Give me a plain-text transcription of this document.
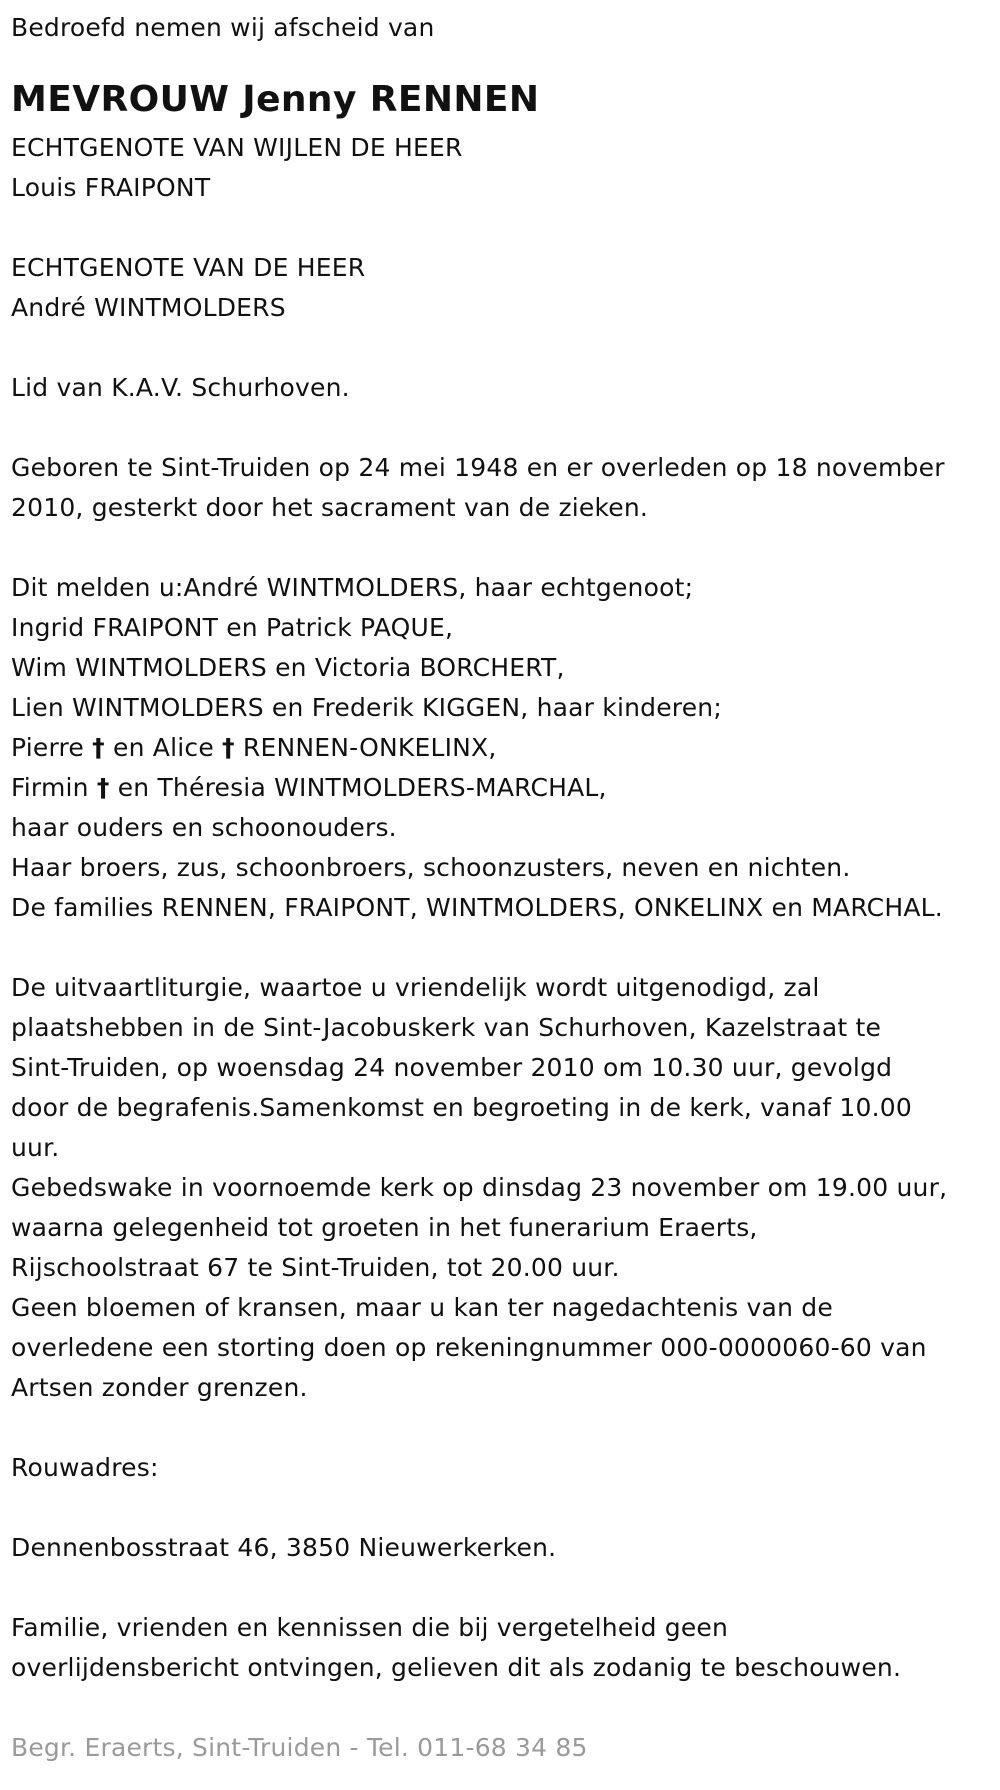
Bedroefd nemen wij afscheid van
MEVROUW Jenny RENNEN
ECHTGENOTE VAN WIJLEN DE HEER
Louis FRAIPONT
ECHTGENOTE VAN DE HEER
André WINTMOLDERS
Lid van K.A.V. Schurhoven.
Geboren te Sint-Truiden op 24 mei 1948 en er overleden op 18 november
2010, gesterkt door het sacrament van de zieken.
Dit melden u:André WINTMOLDERS, haar echtgenoot;
Ingrid FRAIPONT en Patrick PAQUE,
Wim WINTMOLDERS en Victoria BORCHERT,
Lien WINTMOLDERS en Frederik KIGGEN, haar kinderen;
Pierre † en Alice † RENNEN-ONKELINX,
Firmin † en Théresia WINTMOLDERS-MARCHAL,
haar ouders en schoonouders.
Haar broers, zus, schoonbroers, schoonzusters, neven en nichten.
De families RENNEN, FRAIPONT, WINTMOLDERS, ONKELINX en MARCHAL.
De uitvaartliturgie, waartoe u vriendelijk wordt uitgenodigd, zal
plaatshebben in de Sint-Jacobuskerk van Schurhoven, Kazelstraat te
Sint-Truiden, op woensdag 24 november 2010 om 10.30 uur, gevolgd
door de begrafenis.Samenkomst en begroeting in de kerk, vanaf 10.00
uur.
Gebedswake in voornoemde kerk op dinsdag 23 november om 19.00 uur,
waarna gelegenheid tot groeten in het funerarium Eraerts,
Rijschoolstraat 67 te Sint-Truiden, tot 20.00 uur.
Geen bloemen of kransen, maar u kan ter nagedachtenis van de
overledene een storting doen op rekeningnummer 000-0000060-60 van
Artsen zonder grenzen.
Rouwadres:
Dennenbosstraat 46, 3850 Nieuwerkerken.
Familie, vrienden en kennissen die bij vergetelheid geen
overlijdensbericht ontvingen, gelieven dit als zodanig te beschouwen.
Begr. Eraerts, Sint-Truiden - Tel. 011-68 34 85
